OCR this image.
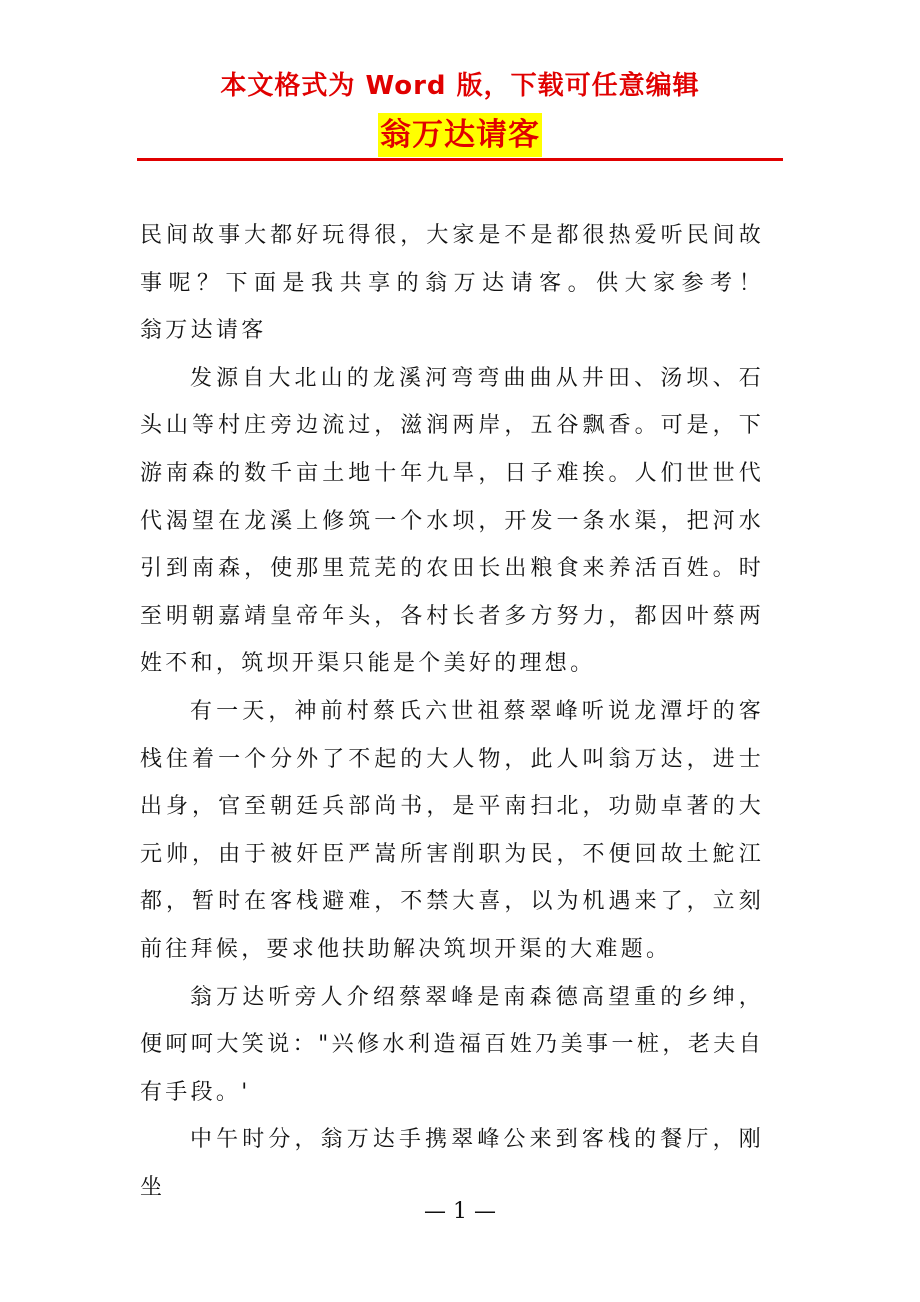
本文格式为 Word 版，下载可任意编辑
翁万达请客

民间故事大都好玩得很，大家是不是都很热爱听民间故事呢？下面是我共享的翁万达请客。供大家参考！　　翁万达请客

发源自大北山的龙溪河弯弯曲曲从井田、汤坝、石头山等村庄旁边流过，滋润两岸，五谷飘香。可是，下游南森的数千亩土地十年九旱，日子难挨。人们世世代代渴望在龙溪上修筑一个水坝，开发一条水渠，把河水引到南森，使那里荒芜的农田长出粮食来养活百姓。时至明朝嘉靖皇帝年头，各村长者多方努力，都因叶蔡两姓不和，筑坝开渠只能是个美好的理想。

有一天，神前村蔡氏六世祖蔡翠峰听说龙潭圩的客栈住着一个分外了不起的大人物，此人叫翁万达，进士出身，官至朝廷兵部尚书，是平南扫北，功勋卓著的大元帅，由于被奸臣严嵩所害削职为民，不便回故土鮀江都，暂时在客栈避难，不禁大喜，以为机遇来了，立刻前往拜候，要求他扶助解决筑坝开渠的大难题。

翁万达听旁人介绍蔡翠峰是南森德高望重的乡绅，便呵呵大笑说："兴修水利造福百姓乃美事一桩，老夫自有手段。'

中午时分，翁万达手携翠峰公来到客栈的餐厅，刚坐

— 1 —
